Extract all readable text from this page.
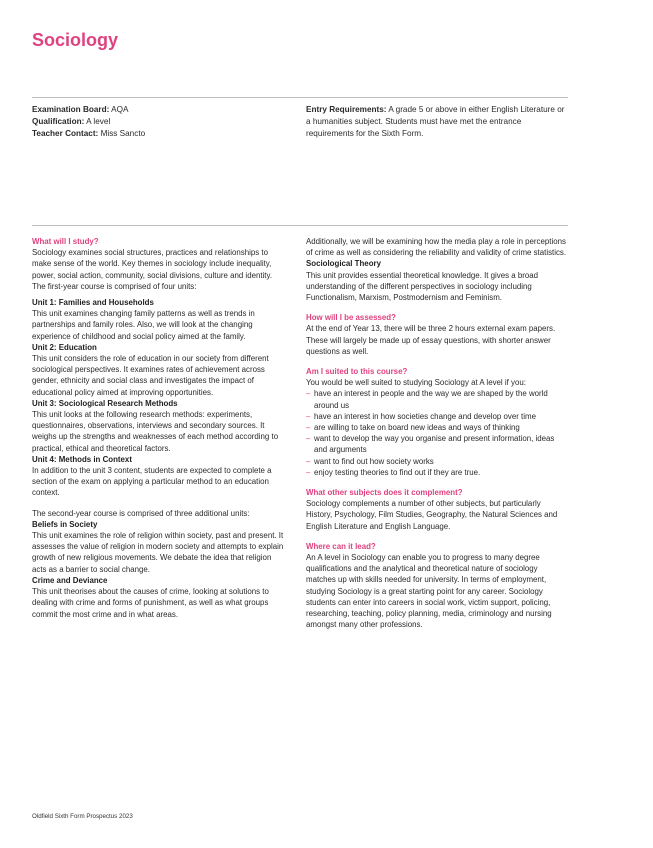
Sociology
Examination Board: AQA
Qualification: A level
Teacher Contact: Miss Sancto
Entry Requirements: A grade 5 or above in either English Literature or a humanities subject. Students must have met the entrance requirements for the Sixth Form.

What will I study?

Sociology examines social structures, practices and relationships to make sense of the world. Key themes in sociology include inequality, power, social action, community, social divisions, culture and identity. The first-year course is comprised of four units:

Unit 1: Families and Households

This unit examines changing family patterns as well as trends in partnerships and family roles. Also, we will look at the changing experience of childhood and social policy aimed at the family.

Unit 2: Education

This unit considers the role of education in our society from different sociological perspectives. It examines rates of achievement across gender, ethnicity and social class and investigates the impact of educational policy aimed at improving opportunities.

Unit 3: Sociological Research Methods

This unit looks at the following research methods: experiments, questionnaires, observations, interviews and secondary sources. It weighs up the strengths and weaknesses of each method according to practical, ethical and theoretical factors.

Unit 4: Methods in Context

In addition to the unit 3 content, students are expected to complete a section of the exam on applying a particular method to an education context.

The second-year course is comprised of three additional units:

Beliefs in Society

This unit examines the role of religion within society, past and present. It assesses the value of religion in modern society and attempts to explain growth of new religious movements. We debate the idea that religion acts as a barrier to social change.

Crime and Deviance

This unit theorises about the causes of crime, looking at solutions to dealing with crime and forms of punishment, as well as what groups commit the most crime and in what areas.

Additionally, we will be examining how the media play a role in perceptions of crime as well as considering the reliability and validity of crime statistics.

Sociological Theory

This unit provides essential theoretical knowledge. It gives a broad understanding of the different perspectives in sociology including Functionalism, Marxism, Postmodernism and Feminism.

How will I be assessed?

At the end of Year 13, there will be three 2 hours external exam papers. These will largely be made up of essay questions, with shorter answer questions as well.

Am I suited to this course?

You would be well suited to studying Sociology at A level if you:

– have an interest in people and the way we are shaped by the world around us
– have an interest in how societies change and develop over time
– are willing to take on board new ideas and ways of thinking
– want to develop the way you organise and present information, ideas and arguments
– want to find out how society works
– enjoy testing theories to find out if they are true.

What other subjects does it complement?

Sociology complements a number of other subjects, but particularly History, Psychology, Film Studies, Geography, the Natural Sciences and English Literature and English Language.

Where can it lead?

An A level in Sociology can enable you to progress to many degree qualifications and the analytical and theoretical nature of sociology matches up with skills needed for university. In terms of employment, studying Sociology is a great starting point for any career. Sociology students can enter into careers in social work, victim support, policing, researching, teaching, policy planning, media, criminology and nursing amongst many other professions.

Oldfield Sixth Form Prospectus 2023
